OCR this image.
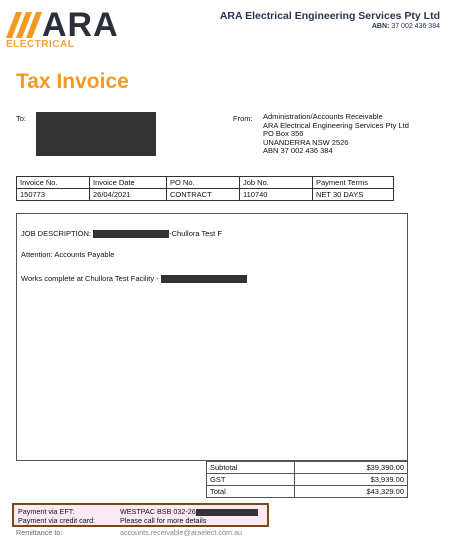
ARA
ELECTRICAL
ARA Electrical Engineering Services Pty Ltd
ABN: 37 002 436 384
Tax Invoice
To:	From: Administration/Accounts Receivable
ARA Electrical Engineering Services Pty Ltd
PO Box 356
UNANDERRA NSW 2526
ABN 37 002 436 384
Invoice No.	Invoice Date	PO No.	Job No.	Payment Terms
150773	26/04/2021	CONTRACT	110740	NET 30 DAYS
JOB DESCRIPTION:	-Chullora Test F
Attention: Accounts Payable
Works complete at Chullora Test Facility -
Subtotal	$39,390.00
GST	$3,939.00
Total	$43,329.00
Payment via EFT:	WESTPAC BSB 032-26
Payment via credit card:	Please call for more details
Remittance to:	accounts.receivable@araelect.com.au
